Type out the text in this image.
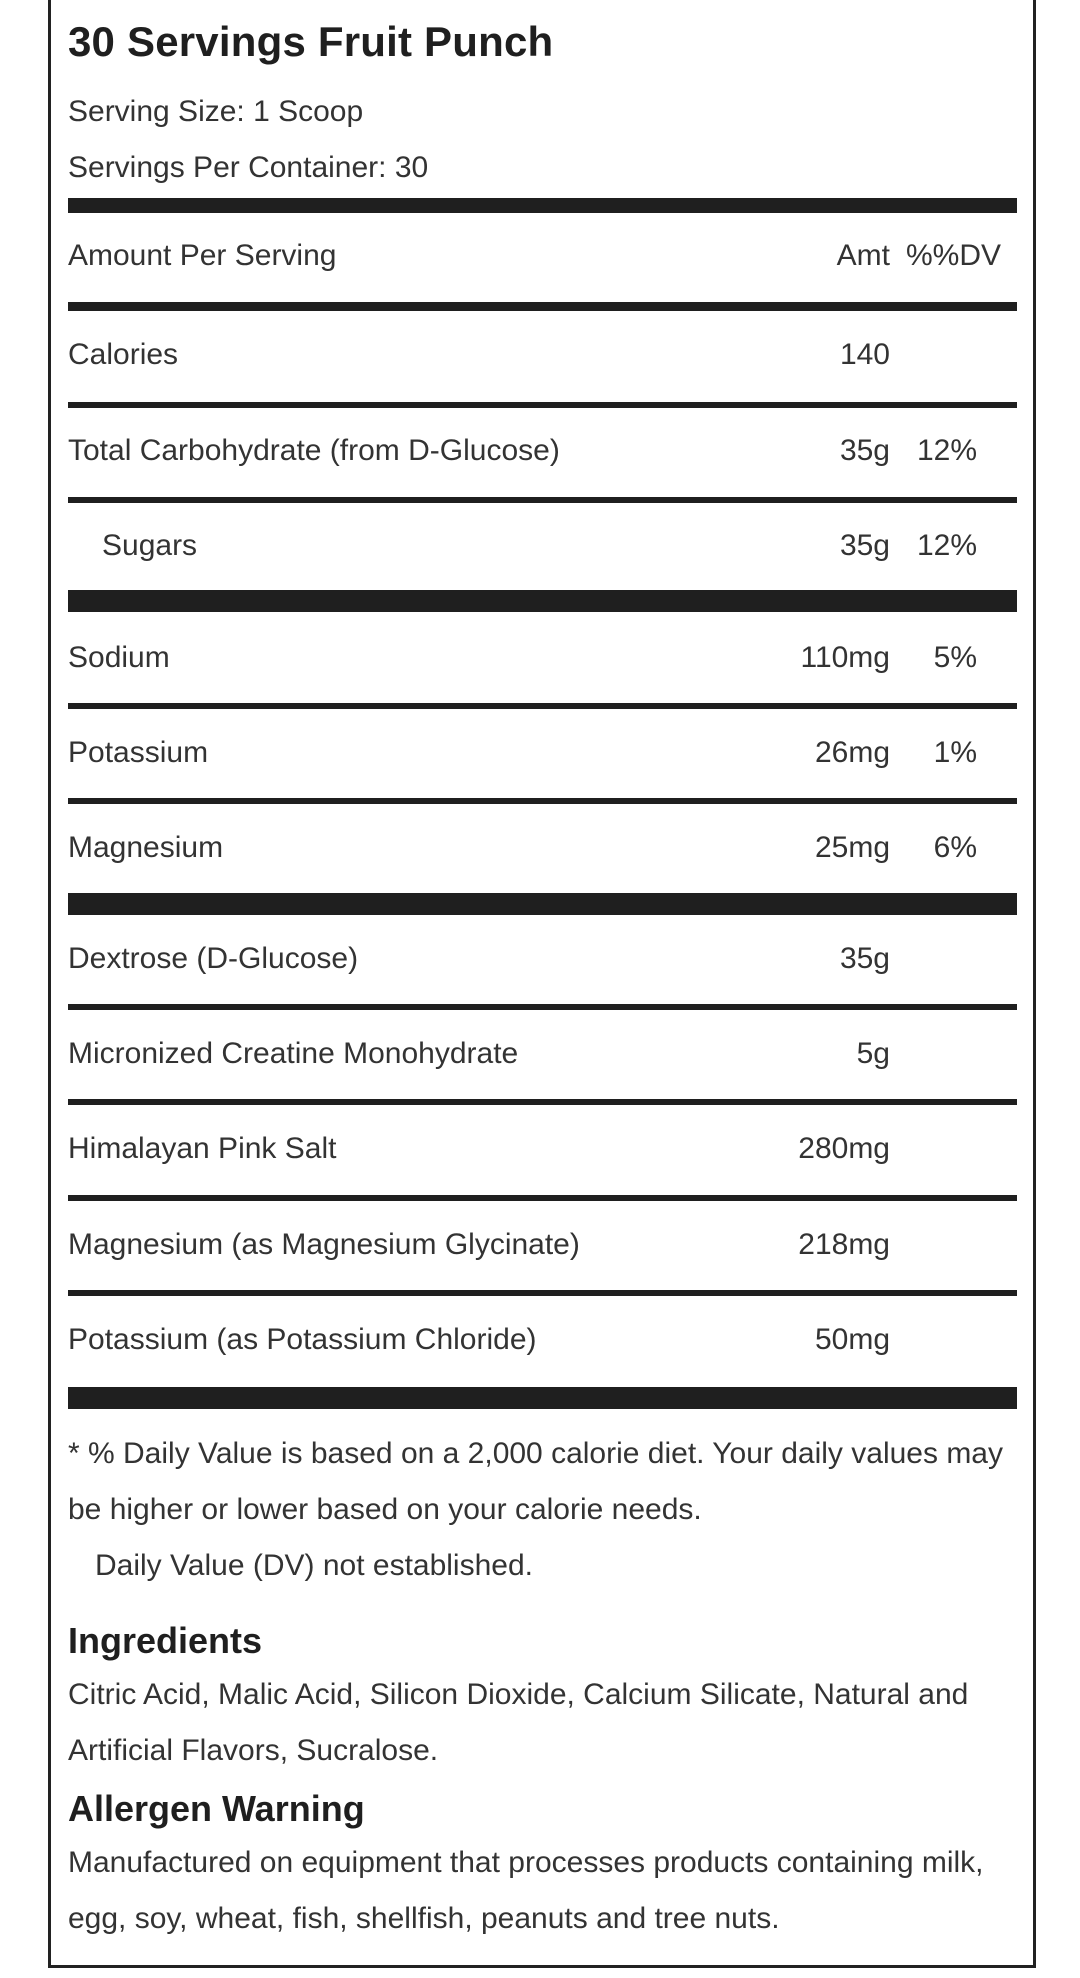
30 Servings Fruit Punch
Serving Size: 1 Scoop
Servings Per Container: 30
Amount Per Serving	Amt %%DV
Calories	140
Total Carbohydrate (from D-Glucose)	35g 12%
Sugars	35g 12%
Sodium	110mg 5%
Potassium	26mg 1%
Magnesium	25mg 6%
Dextrose (D-Glucose)	35g
Micronized Creatine Monohydrate	5g
Himalayan Pink Salt	280mg
Magnesium (as Magnesium Glycinate)	218mg
Potassium (as Potassium Chloride)	50mg
* % Daily Value is based on a 2,000 calorie diet. Your daily values may be higher or lower based on your calorie needs.
Daily Value (DV) not established.
Ingredients
Citric Acid, Malic Acid, Silicon Dioxide, Calcium Silicate, Natural and Artificial Flavors, Sucralose.
Allergen Warning
Manufactured on equipment that processes products containing milk, egg, soy, wheat, fish, shellfish, peanuts and tree nuts.
